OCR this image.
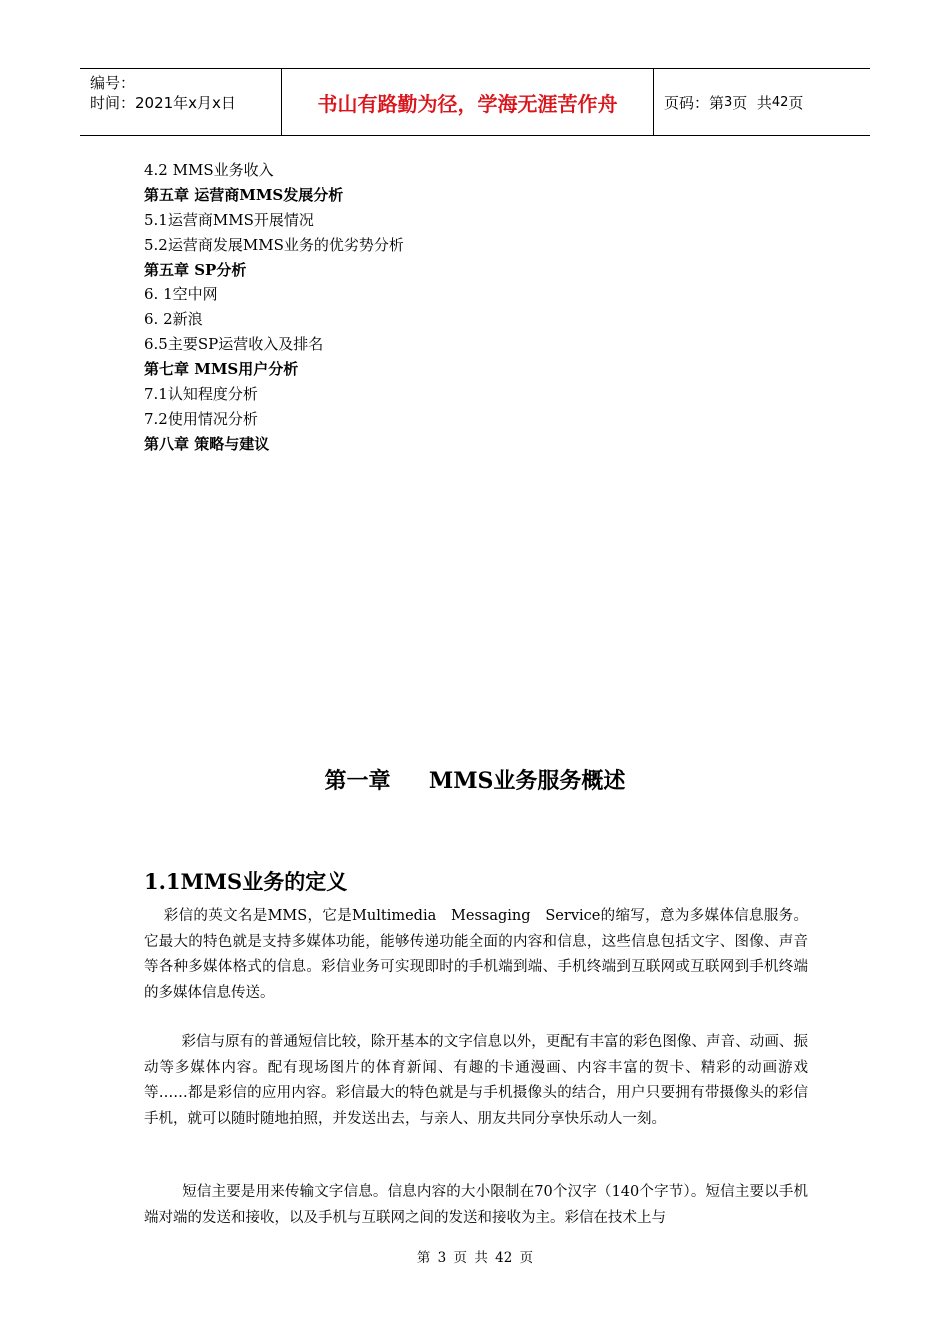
编号：
时间：2021年x月x日	书山有路勤为径，学海无涯苦作舟	页码：第 3 页  共 42 页
4.2 MMS业务收入
第五章 运营商MMS发展分析
5.1运营商MMS开展情况
5.2运营商发展MMS业务的优劣势分析
第五章 SP分析
6. 1空中网
6. 2新浪
6.5主要SP运营收入及排名
第七章 MMS用户分析
7.1认知程度分析
7.2使用情况分析
第八章 策略与建议
第一章     MMS业务服务概述
1.1MMS业务的定义

彩信的英文名是MMS，它是Multimedia   Messaging   Service的缩写，意为多媒体信息服务。它最大的特色就是支持多媒体功能，能够传递功能全面的内容和信息，这些信息包括文字、图像、声音等各种多媒体格式的信息。彩信业务可实现即时的手机端到端、手机终端到互联网或互联网到手机终端的多媒体信息传送。

彩信与原有的普通短信比较，除开基本的文字信息以外，更配有丰富的彩色图像、声音、动画、振动等多媒体内容。配有现场图片的体育新闻、有趣的卡通漫画、内容丰富的贺卡、精彩的动画游戏等……都是彩信的应用内容。彩信最大的特色就是与手机摄像头的结合，用户只要拥有带摄像头的彩信手机，就可以随时随地拍照，并发送出去，与亲人、朋友共同分享快乐动人一刻。

短信主要是用来传输文字信息。信息内容的大小限制在70个汉字（140个字节）。短信主要以手机端对端的发送和接收，以及手机与互联网之间的发送和接收为主。彩信在技术上与

第 3 页 共 42 页
